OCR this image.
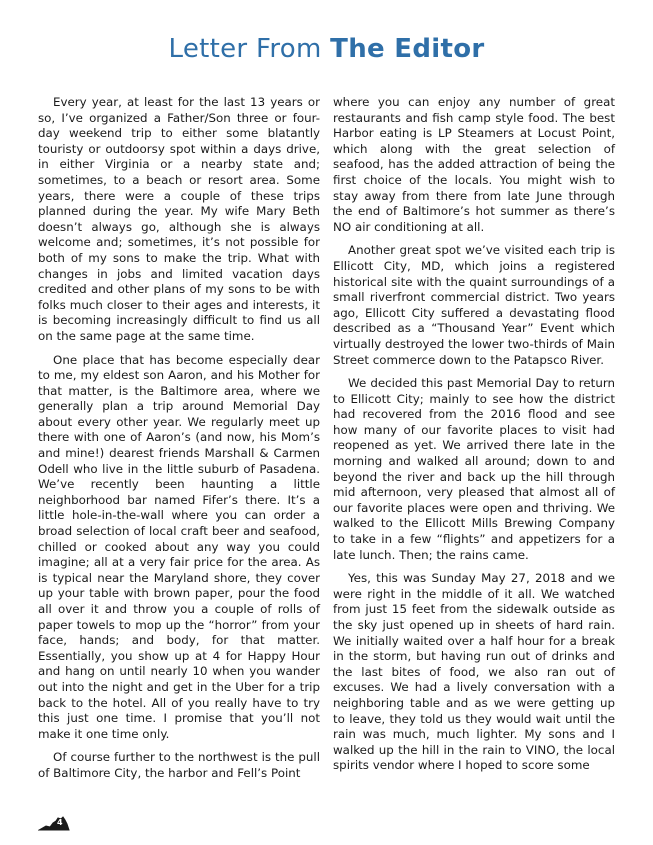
Letter From The Editor

Every year, at least for the last 13 years or so, I’ve organized a Father/Son three or four-day weekend trip to either some blatantly touristy or outdoorsy spot within a days drive, in either Virginia or a nearby state and; sometimes, to a beach or resort area. Some years, there were a couple of these trips planned during the year. My wife Mary Beth doesn’t always go, although she is always welcome and; sometimes, it’s not possible for both of my sons to make the trip. What with changes in jobs and limited vacation days credited and other plans of my sons to be with folks much closer to their ages and interests, it is becoming increasingly difficult to find us all on the same page at the same time.

One place that has become especially dear to me, my eldest son Aaron, and his Mother for that matter, is the Baltimore area, where we generally plan a trip around Memorial Day about every other year. We regularly meet up there with one of Aaron’s (and now, his Mom’s and mine!) dearest friends Marshall & Carmen Odell who live in the little suburb of Pasadena. We’ve recently been haunting a little neighborhood bar named Fifer’s there. It’s a little hole-in-the-wall where you can order a broad selection of local craft beer and seafood, chilled or cooked about any way you could imagine; all at a very fair price for the area. As is typical near the Maryland shore, they cover up your table with brown paper, pour the food all over it and throw you a couple of rolls of paper towels to mop up the “horror” from your face, hands; and body, for that matter. Essentially, you show up at 4 for Happy Hour and hang on until nearly 10 when you wander out into the night and get in the Uber for a trip back to the hotel. All of you really have to try this just one time. I promise that you’ll not make it one time only.

Of course further to the northwest is the pull of Baltimore City, the harbor and Fell’s Point

where you can enjoy any number of great restaurants and fish camp style food. The best Harbor eating is LP Steamers at Locust Point, which along with the great selection of seafood, has the added attraction of being the first choice of the locals. You might wish to stay away from there from late June through the end of Baltimore’s hot summer as there’s NO air conditioning at all.

Another great spot we’ve visited each trip is Ellicott City, MD, which joins a registered historical site with the quaint surroundings of a small riverfront commercial district. Two years ago, Ellicott City suffered a devastating flood described as a “Thousand Year” Event which virtually destroyed the lower two-thirds of Main Street commerce down to the Patapsco River.

We decided this past Memorial Day to return to Ellicott City; mainly to see how the district had recovered from the 2016 flood and see how many of our favorite places to visit had reopened as yet. We arrived there late in the morning and walked all around; down to and beyond the river and back up the hill through mid afternoon, very pleased that almost all of our favorite places were open and thriving. We walked to the Ellicott Mills Brewing Company to take in a few “flights” and appetizers for a late lunch. Then; the rains came.

Yes, this was Sunday May 27, 2018 and we were right in the middle of it all. We watched from just 15 feet from the sidewalk outside as the sky just opened up in sheets of hard rain. We initially waited over a half hour for a break in the storm, but having run out of drinks and the last bites of food, we also ran out of excuses. We had a lively conversation with a neighboring table and as we were getting up to leave, they told us they would wait until the rain was much, much lighter. My sons and I walked up the hill in the rain to VINO, the local spirits vendor where I hoped to score some

4
